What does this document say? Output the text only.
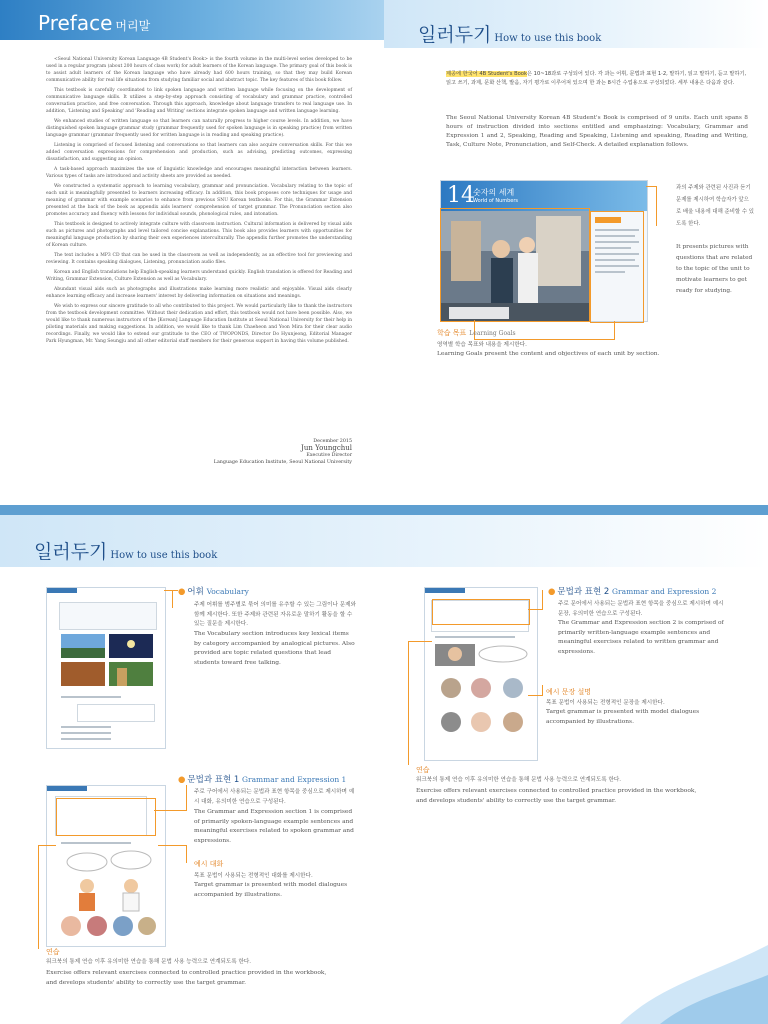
Preface 머리말

<Seoul National University Korean Language 4B Student's Book> is the fourth volume in the multi-level series developed to be used in a regular program (about 200 hours of class work) for adult learners of the Korean language. The primary goal of this book is to assist adult learners of the Korean language who have already had 600 hours training, so that they may build Korean communicative ability for real life situations from studying familiar social and abstract topic. The key features of this book follow.

This textbook is carefully coordinated to link spoken language and written language while focusing on the development of communicative language skills. It utilizes a step-by-step approach consisting of vocabulary and grammar practice, controlled conversation practice, and free conversation. Through this approach, knowledge about language transfers to real language use. In addition, 'Listening and Speaking' and 'Reading and Writing' sections integrate spoken language and written language learning.

We enhanced studies of written language so that learners can naturally progress to higher course levels. In addition, we have distinguished spoken language grammar study (grammar frequently used for spoken language is in speaking practice) from written language grammar (grammar frequently used for written language is in reading and speaking practice).

Listening is comprised of focused listening and conversations so that learners can also acquire conversation skills. For this we added conversation expressions for comprehension and production, such as advising, predicting outcomes, expressing dissatisfaction, and suggesting an opinion.

A task-based approach maximizes the use of linguistic knowledge and encourages meaningful interaction between learners. Various types of tasks are introduced and activity sheets are provided as needed.

We constructed a systematic approach to learning vocabulary, grammar and pronunciation. Vocabulary relating to the topic of each unit is meaningfully presented to learners increasing efficacy. In addition, this book proposes core techniques for usage and meaning of grammar with example scenarios to enhance from previous SNU Korean textbooks. For this, the Grammar Extension presented at the back of the book as appendix aids learners' comprehension of target grammar. The Pronunciation section also promotes accuracy and fluency with lessons for individual sounds, phonological rules, and intonation.

This textbook is designed to actively integrate culture with classroom instruction. Cultural information is delivered by visual aids such as pictures and photographs and level tailored concise explanations. This book also provides learners with opportunities for meaningful language production by sharing their own experiences interculturally. The appendix further promotes the understanding of Korean culture.

The text includes a MP3 CD that can be used in the classroom as well as independently, as an effective tool for previewing and reviewing. It contains speaking dialogues, Listening, pronunciation audio files.

Korean and English translations help English-speaking learners understand quickly. English translation is offered for Reading and Writing, Grammar Extension, Culture Extension as well as Vocabulary.

Abundant visual aids such as photographs and illustrations make learning more realistic and enjoyable. Visual aids clearly enhance learning efficacy and increase learners' interest by delivering information on situations and meanings.

We wish to express our sincere gratitude to all who contributed to this project. We would particularly like to thank the instructors from the textbook development committee. Without their dedication and effort, this textbook would not have been possible. Also, we would like to thank numerous instructors of the [Korean] Language Education Institute at Seoul National University for their help in piloting materials and making suggestions. In addition, we would like to thank Lim Chaeheon and Yoon Mira for their clear audio recordings. Finally, we would like to extend our gratitude to the CEO of TWOPONDS, Director Do Hyunjeong, Editorial Manager Park Hyungman, Mr. Yang Seungju and all other editorial staff members for their generous support in having this volume published.

December 2015
Jun Youngchul
Executive Director
Language Education Institute, Seoul National University
일러두기 How to use this book
제공에 한국어 4B Student's Book은 10~18과로 구성되어 있다. 각 과는 어휘, 문법과 표현 1·2, 말하기, 읽고 말하기, 듣고 말하기, 읽고 쓰기, 과제, 문화 산책, 발음, 자기 평가로 이루어져 있으며 한 과는 8시간 수업용으로 구성되었다. 세부 내용은 다음과 같다.
The Seoul National University Korean 4B Student's Book is comprised of 9 units. Each unit spans 8 hours of instruction divided into sections entitled and emphasizing: Vocabulary, Grammar and Expression 1 and 2, Speaking, Reading and Speaking, Listening and speaking, Reading and Writing, Task, Culture Note, Pronunciation, and Self-Check. A detailed explanation follows.
14
숫자의 세계
World of Numbers
과의 주제와 관련된 사진과 듣기 문제를 제시하여 학습자가 앞으로 배울 내용에 대해 준비할 수 있도록 한다.
It presents pictures with questions that are related to the topic of the unit to motivate learners to get ready for studying.
학습 목표 Learning Goals
영역별 학습 목표와 내용을 제시한다.
Learning Goals present the content and objectives of each unit by section.
일러두기 How to use this book
● 어휘 Vocabulary
주제 어휘를 범주별로 묶어 의미를 유추할 수 있는 그림이나 문제와 함께 제시한다. 또한 주제와 관련된 자유로운 말하기 활동을 할 수 있는 질문을 제시한다.
The Vocabulary section introduces key lexical items by category accompanied by analogical pictures. Also provided are topic related questions that lead students toward free talking.
● 문법과 표현 1 Grammar and Expression 1
주로 구어에서 사용되는 문법과 표현 항목을 중심으로 제시하며 예시 대화, 유의미한 연습으로 구성된다.
The Grammar and Expression section 1 is comprised of primarily spoken-language example sentences and meaningful exercises related to spoken grammar and expressions.
예시 대화
목표 문법이 사용되는 전형적인 대화를 제시한다.
Target grammar is presented with model dialogues accompanied by illustrations.
연습
워크북의 통제 연습 이후 유의미한 연습을 통해 문법 사용 능력으로 연계되도록 한다.
Exercise offers relevant exercises connected to controlled practice provided in the workbook,
and develops students' ability to correctly use the target grammar.
● 문법과 표현 2 Grammar and Expression 2
주로 문어에서 사용되는 문법과 표현 항목을 중심으로 제시하며 예시 문장, 유의미한 연습으로 구성된다.
The Grammar and Expression section 2 is comprised of primarily written-language example sentences and meaningful exercises related to written grammar and expressions.
예시 문장 설명
목표 문법이 사용되는 전형적인 문장을 제시한다.
Target grammar is presented with model dialogues accompanied by illustrations.
연습
워크북의 통제 연습 이후 유의미한 연습을 통해 문법 사용 능력으로 연계되도록 한다.
Exercise offers relevant exercises connected to controlled practice provided in the workbook,
and develops students' ability to correctly use the target grammar.
